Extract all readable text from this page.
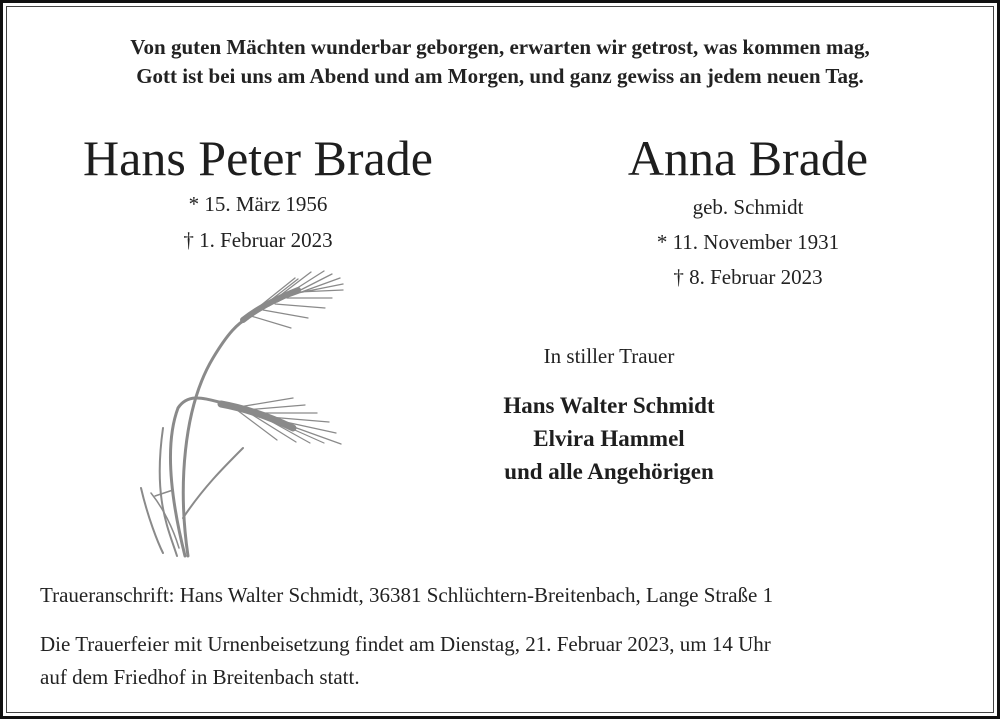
Von guten Mächten wunderbar geborgen, erwarten wir getrost, was kommen mag,
Gott ist bei uns am Abend und am Morgen, und ganz gewiss an jedem neuen Tag.
Hans Peter Brade
* 15. März 1956
† 1. Februar 2023
Anna Brade
geb. Schmidt
* 11. November 1931
† 8. Februar 2023
In stiller Trauer
Hans Walter Schmidt
Elvira Hammel
und alle Angehörigen
Traueranschrift: Hans Walter Schmidt, 36381 Schlüchtern-Breitenbach, Lange Straße 1
Die Trauerfeier mit Urnenbeisetzung findet am Dienstag, 21. Februar 2023, um 14 Uhr
auf dem Friedhof in Breitenbach statt.
